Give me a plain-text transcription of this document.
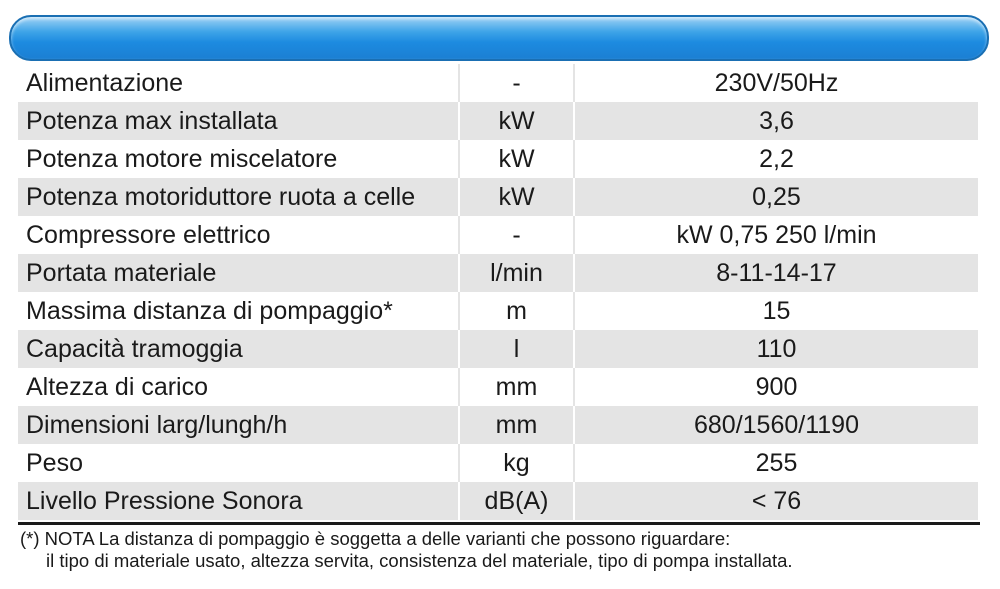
Alimentazione	-	230V/50Hz
Potenza max installata	kW	3,6
Potenza motore miscelatore	kW	2,2
Potenza motoriduttore ruota a celle	kW	0,25
Compressore elettrico	-	kW 0,75 250 l/min
Portata materiale	l/min	8-11-14-17
Massima distanza di pompaggio*	m	15
Capacità tramoggia	l	110
Altezza di carico	mm	900
Dimensioni larg/lungh/h	mm	680/1560/1190
Peso	kg	255
Livello Pressione Sonora	dB(A)	< 76
(*) NOTA La distanza di pompaggio è soggetta a delle varianti che possono riguardare:
il tipo di materiale usato, altezza servita, consistenza del materiale, tipo di pompa installata.
